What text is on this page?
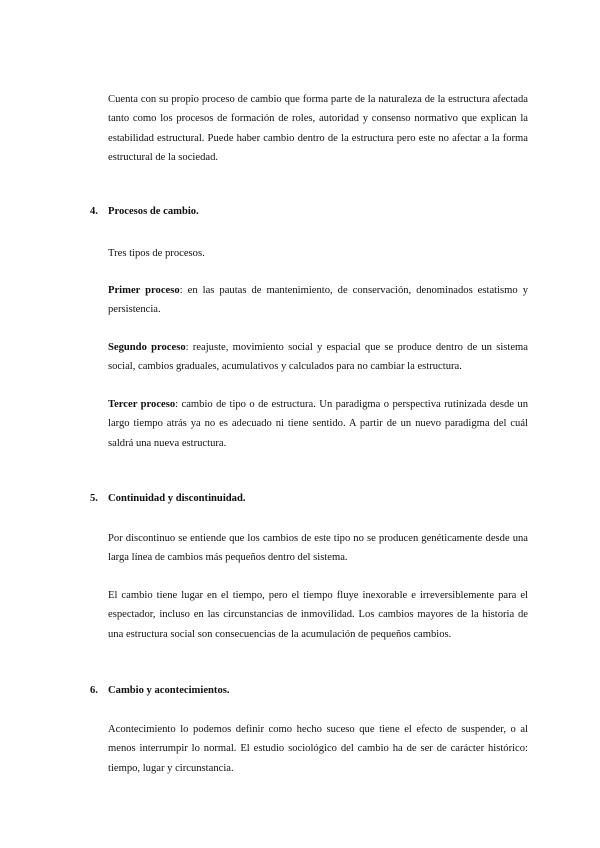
Cuenta con su propio proceso de cambio que forma parte de la naturaleza de la estructura afectada tanto como los procesos de formación de roles, autoridad y consenso normativo que explican la estabilidad estructural. Puede haber cambio dentro de la estructura pero este no afectar a la forma estructural de la sociedad.

4. Procesos de cambio.

Tres tipos de procesos.

Primer proceso: en las pautas de mantenimiento, de conservación, denominados estatismo y persistencia.

Segundo proceso: reajuste, movimiento social y espacial que se produce dentro de un sistema social, cambios graduales, acumulativos y calculados para no cambiar la estructura.

Tercer proceso: cambio de tipo o de estructura. Un paradigma o perspectiva rutinizada desde un largo tiempo atrás ya no es adecuado ni tiene sentido. A partir de un nuevo paradigma del cuál saldrá una nueva estructura.

5. Continuidad y discontinuidad.

Por discontinuo se entiende que los cambios de este tipo no se producen genéticamente desde una larga línea de cambios más pequeños dentro del sistema.

El cambio tiene lugar en el tiempo, pero el tiempo fluye inexorable e irreversiblemente para el espectador, incluso en las circunstancias de inmovilidad. Los cambios mayores de la historia de una estructura social son consecuencias de la acumulación de pequeños cambios.

6. Cambio y acontecimientos.

Acontecimiento lo podemos definir como hecho suceso que tiene el efecto de suspender, o al menos interrumpir lo normal. El estudio sociológico del cambio ha de ser de carácter histórico: tiempo, lugar y circunstancia.
